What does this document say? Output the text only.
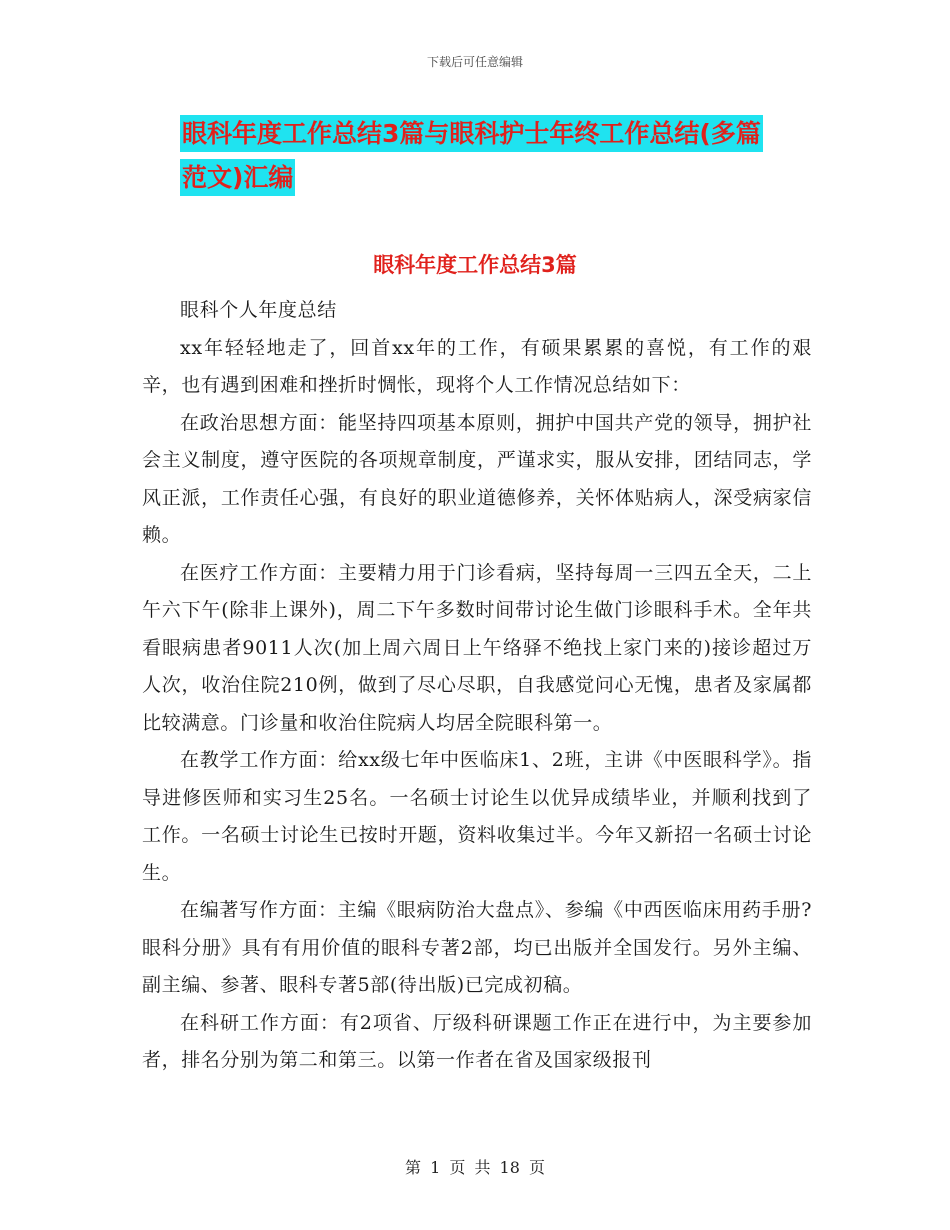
下载后可任意编辑
眼科年度工作总结3篇与眼科护士年终工作总结(多篇
范文)汇编
眼科年度工作总结3篇

眼科个人年度总结

xx年轻轻地走了，回首xx年的工作，有硕果累累的喜悦，有工作的艰辛，也有遇到困难和挫折时惆怅，现将个人工作情况总结如下：

在政治思想方面：能坚持四项基本原则，拥护中国共产党的领导，拥护社会主义制度，遵守医院的各项规章制度，严谨求实，服从安排，团结同志，学风正派，工作责任心强，有良好的职业道德修养，关怀体贴病人，深受病家信赖。

在医疗工作方面：主要精力用于门诊看病，坚持每周一三四五全天，二上午六下午(除非上课外)，周二下午多数时间带讨论生做门诊眼科手术。全年共看眼病患者9011人次(加上周六周日上午络驿不绝找上家门来的)接诊超过万人次，收治住院210例，做到了尽心尽职，自我感觉问心无愧，患者及家属都比较满意。门诊量和收治住院病人均居全院眼科第一。

在教学工作方面：给xx级七年中医临床1、2班，主讲《中医眼科学》。指导进修医师和实习生25名。一名硕士讨论生以优异成绩毕业，并顺利找到了工作。一名硕士讨论生已按时开题，资料收集过半。今年又新招一名硕士讨论生。

在编著写作方面：主编《眼病防治大盘点》、参编《中西医临床用药手册?眼科分册》具有有用价值的眼科专著2部，均已出版并全国发行。另外主编、副主编、参著、眼科专著5部(待出版)已完成初稿。

在科研工作方面：有2项省、厅级科研课题工作正在进行中，为主要参加者，排名分别为第二和第三。以第一作者在省及国家级报刊

第 1 页 共 18 页
